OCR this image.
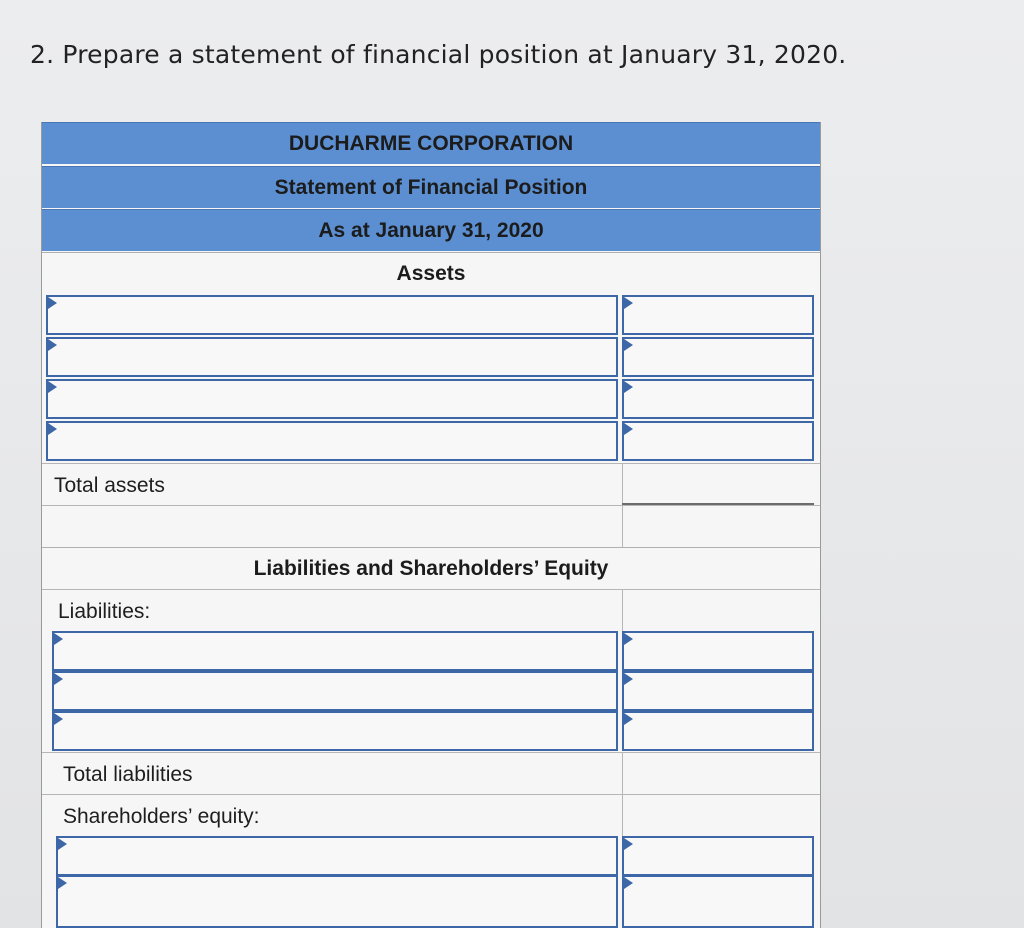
2. Prepare a statement of financial position at January 31, 2020.
DUCHARME CORPORATION
Statement of Financial Position
As at January 31, 2020
Assets
Total assets
Liabilities and Shareholders’ Equity
Liabilities:
Total liabilities
Shareholders’ equity:
